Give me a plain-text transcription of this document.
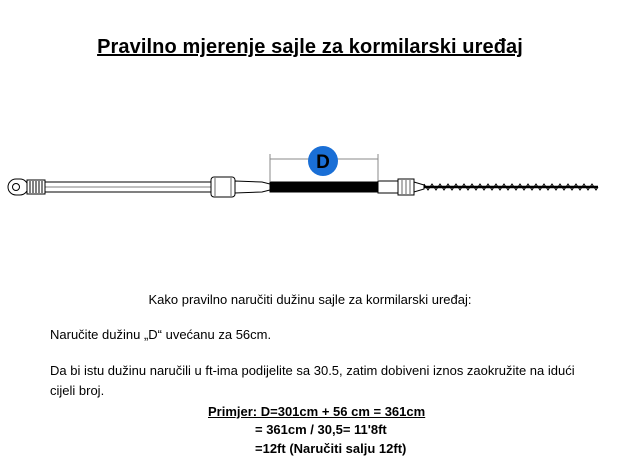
Pravilno mjerenje sajle za kormilarski uređaj
D
Kako pravilno naručiti dužinu sajle za kormilarski uređaj:
Naručite dužinu „D“ uvećanu za 56cm.
Da bi istu dužinu naručili u ft-ima podijelite sa 30.5, zatim dobiveni iznos zaokružite na idući cijeli broj.
Primjer: D=301cm + 56 cm = 361cm
= 361cm / 30,5= 11'8ft
=12ft (Naručiti salju 12ft)
